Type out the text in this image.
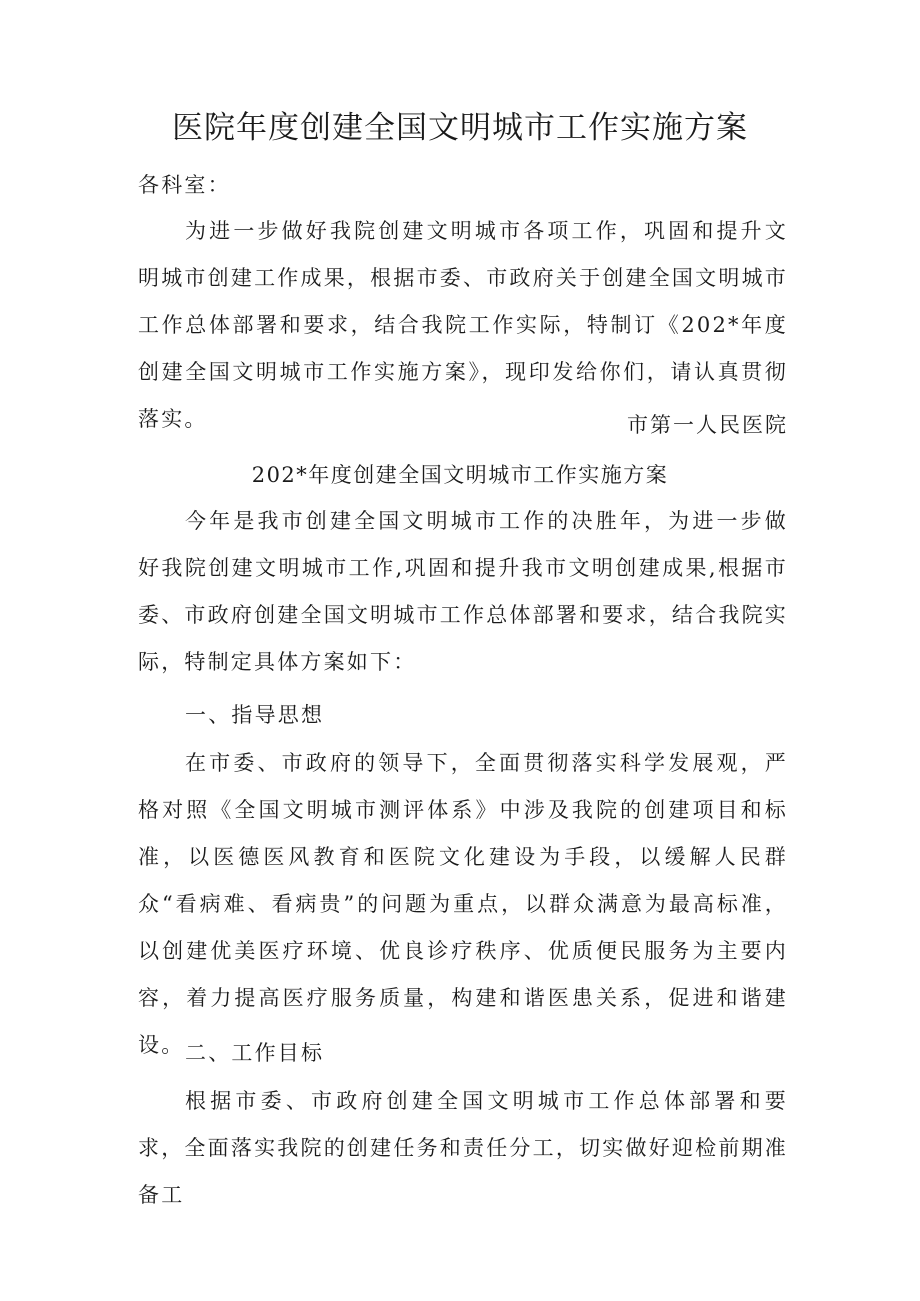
医院年度创建全国文明城市工作实施方案
各科室：
为进一步做好我院创建文明城市各项工作，巩固和提升文明城市创建工作成果，根据市委、市政府关于创建全国文明城市工作总体部署和要求，结合我院工作实际，特制订《202*年度创建全国文明城市工作实施方案》，现印发给你们，请认真贯彻落实。	市第一人民医院
202*年度创建全国文明城市工作实施方案
今年是我市创建全国文明城市工作的决胜年，为进一步做好我院创建文明城市工作,巩固和提升我市文明创建成果,根据市委、市政府创建全国文明城市工作总体部署和要求，结合我院实际，特制定具体方案如下：
一、指导思想
在市委、市政府的领导下，全面贯彻落实科学发展观，严格对照《全国文明城市测评体系》中涉及我院的创建项目和标准，以医德医风教育和医院文化建设为手段，以缓解人民群众“看病难、看病贵”的问题为重点，以群众满意为最高标准，以创建优美医疗环境、优良诊疗秩序、优质便民服务为主要内容，着力提高医疗服务质量，构建和谐医患关系，促进和谐建设。 二、工作目标
根据市委、市政府创建全国文明城市工作总体部署和要求，全面落实我院的创建任务和责任分工，切实做好迎检前期准备工
